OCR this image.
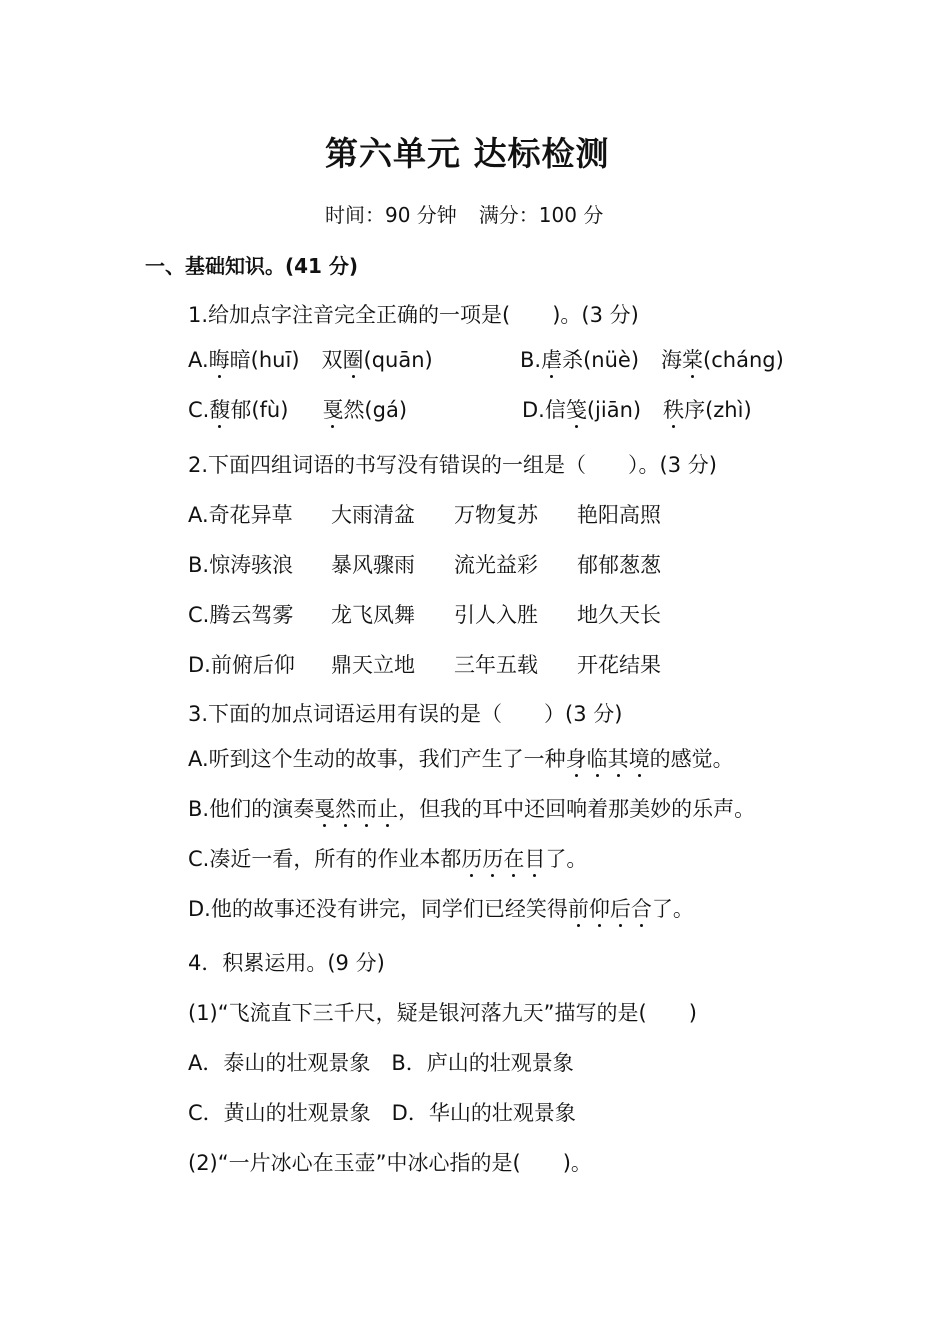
第六单元 达标检测
时间：90 分钟 满分：100 分
一、基础知识。(41 分)
1.给加点字注音完全正确的一项是(　　)。(3 分)
A.晦暗(huī) 双圈(quān)	B.虐杀(nüè) 海棠(cháng)
C.馥郁(fù) 戛然(gá)	D.信笺(jiān) 秩序(zhì)
2.下面四组词语的书写没有错误的一组是（　　）。(3 分)
A.奇花异草 大雨清盆 万物复苏 艳阳高照
B.惊涛骇浪 暴风骤雨 流光益彩 郁郁葱葱
C.腾云驾雾 龙飞凤舞 引人入胜 地久天长
D.前俯后仰 鼎天立地 三年五载 开花结果
3.下面的加点词语运用有误的是（　　）(3 分)
A.听到这个生动的故事，我们产生了一种身临其境的感觉。
B.他们的演奏戛然而止，但我的耳中还回响着那美妙的乐声。
C.凑近一看，所有的作业本都历历在目了。
D.他的故事还没有讲完，同学们已经笑得前仰后合了。
4．积累运用。(9 分)
(1)“飞流直下三千尺，疑是银河落九天”描写的是(　　)
A．泰山的壮观景象　B．庐山的壮观景象
C．黄山的壮观景象　D．华山的壮观景象
(2)“一片冰心在玉壶”中冰心指的是(　　)。
